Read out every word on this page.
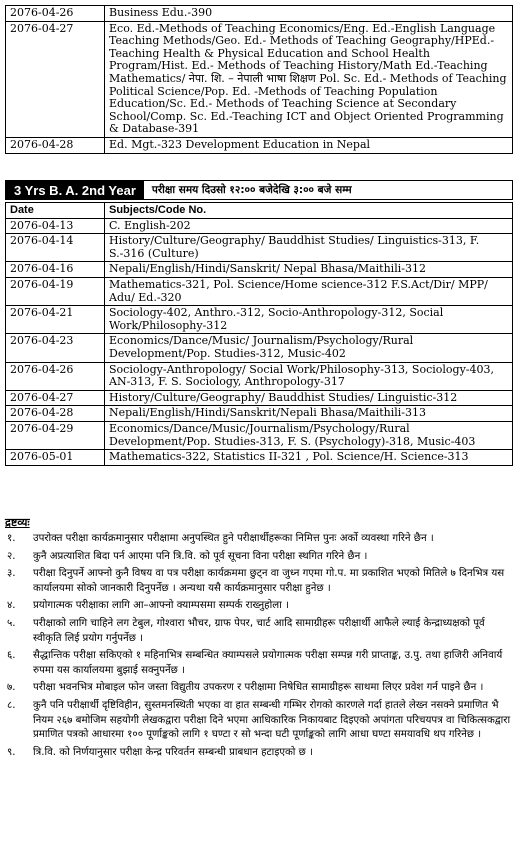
2076-04-26	Business Edu.-390
2076-04-27	Eco. Ed.-Methods of Teaching Economics/Eng. Ed.-English Language Teaching Methods/Geo. Ed.- Methods of Teaching Geography/HPEd.- Teaching Health & Physical Education and School Health Program/Hist. Ed.- Methods of Teaching History/Math Ed.-Teaching Mathematics/ नेपा. शि. – नेपाली भाषा शिक्षण Pol. Sc. Ed.- Methods of Teaching Political Science/Pop. Ed. -Methods of Teaching Population Education/Sc. Ed.- Methods of Teaching Science at Secondary School/Comp. Sc. Ed.-Teaching ICT and Object Oriented Programming & Database-391
2076-04-28	Ed. Mgt.-323 Development Education in Nepal
3 Yrs B. A. 2nd Year	परीक्षा समय दिउसो १२:०० बजेदेखि ३:०० बजे सम्म
Date	Subjects/Code No.
2076-04-13	C. English-202
2076-04-14	History/Culture/Geography/ Bauddhist Studies/ Linguistics-313, F. S.-316 (Culture)
2076-04-16	Nepali/English/Hindi/Sanskrit/ Nepal Bhasa/Maithili-312
2076-04-19	Mathematics-321, Pol. Science/Home science-312 F.S.Act/Dir/ MPP/ Adu/ Ed.-320
2076-04-21	Sociology-402, Anthro.-312, Socio-Anthropology-312, Social Work/Philosophy-312
2076-04-23	Economics/Dance/Music/ Journalism/Psychology/Rural Development/Pop. Studies-312, Music-402
2076-04-26	Sociology-Anthropology/ Social Work/Philosophy-313, Sociology-403, AN-313, F. S. Sociology, Anthropology-317
2076-04-27	History/Culture/Geography/ Bauddhist Studies/ Linguistic-312
2076-04-28	Nepali/English/Hindi/Sanskrit/Nepali Bhasa/Maithili-313
2076-04-29	Economics/Dance/Music/Journalism/Psychology/Rural Development/Pop. Studies-313, F. S. (Psychology)-318, Music-403
2076-05-01	Mathematics-322, Statistics II-321 , Pol. Science/H. Science-313
द्रष्टव्यः
१.	उपरोक्त परीक्षा कार्यक्रमानुसार परीक्षामा अनुपस्थित हुने परीक्षार्थीहरूका निमित्त पुनः अर्को व्यवस्था गरिने छैन ।
२.	कुनै अप्रत्याशित बिदा पर्न आएमा पनि त्रि.वि. को पूर्व सूचना विना परीक्षा स्थगित गरिने छैन ।
३.	परीक्षा दिनुपर्ने आफ्नो कुनै विषय वा पत्र परीक्षा कार्यक्रममा छुट्न वा जुध्न गएमा गो.प. मा प्रकाशित भएको मितिले ७ दिनभित्र यस कार्यालयमा सोको जानकारी दिनुपर्नेछ । अन्यथा यसै कार्यक्रमानुसार परीक्षा हुनेछ ।
४.	प्रयोगात्मक परीक्षाका लागि आ–आफ्नो क्याम्पसमा सम्पर्क राख्नुहोला ।
५.	परीक्षाको लागि चाहिने लग टेबुल, गोश्वारा भौचर, ग्राफ पेपर, चार्ट आदि सामाग्रीहरू परीक्षार्थी आफैले ल्याई केन्द्राध्यक्षको पूर्व स्वीकृति लिई प्रयोग गर्नुपर्नेछ ।
६.	सैद्धान्तिक परीक्षा सकिएको १ महिनाभित्र सम्बन्धित क्याम्पसले प्रयोगात्मक परीक्षा सम्पन्न गरी प्राप्ताङ्क, उ.पु. तथा हाजिरी अनिवार्य रुपमा यस कार्यालयमा बुझाई सक्नुपर्नेछ ।
७.	परीक्षा भवनभित्र मोबाइल फोन जस्ता विद्युतीय उपकरण र परीक्षामा निषेधित सामाग्रीहरू साथमा लिएर प्रवेश गर्न पाइने छैन ।
८.	कुनै पनि परीक्षार्थी दृष्टिविहीन, सुस्तमनस्थिती भएका वा हात सम्बन्धी गम्भिर रोगको कारणले गर्दा हातले लेख्न नसक्ने प्रमाणित भै नियम २६७ बमोजिम सहयोगी लेखकद्वारा परीक्षा दिने भएमा आधिकारिक निकायबाट दिइएको अपांगता परिचयपत्र वा चिकित्सकद्वारा प्रमाणित पत्रको आधारमा १०० पूर्णाङ्कको लागि १ घण्टा र सो भन्दा घटी पूर्णाङ्कको लागि आधा घण्टा समयावधि थप गरिनेछ ।
९.	त्रि.वि. को निर्णयानुसार परीक्षा केन्द्र परिवर्तन सम्बन्धी प्राबधान हटाइएको छ ।
